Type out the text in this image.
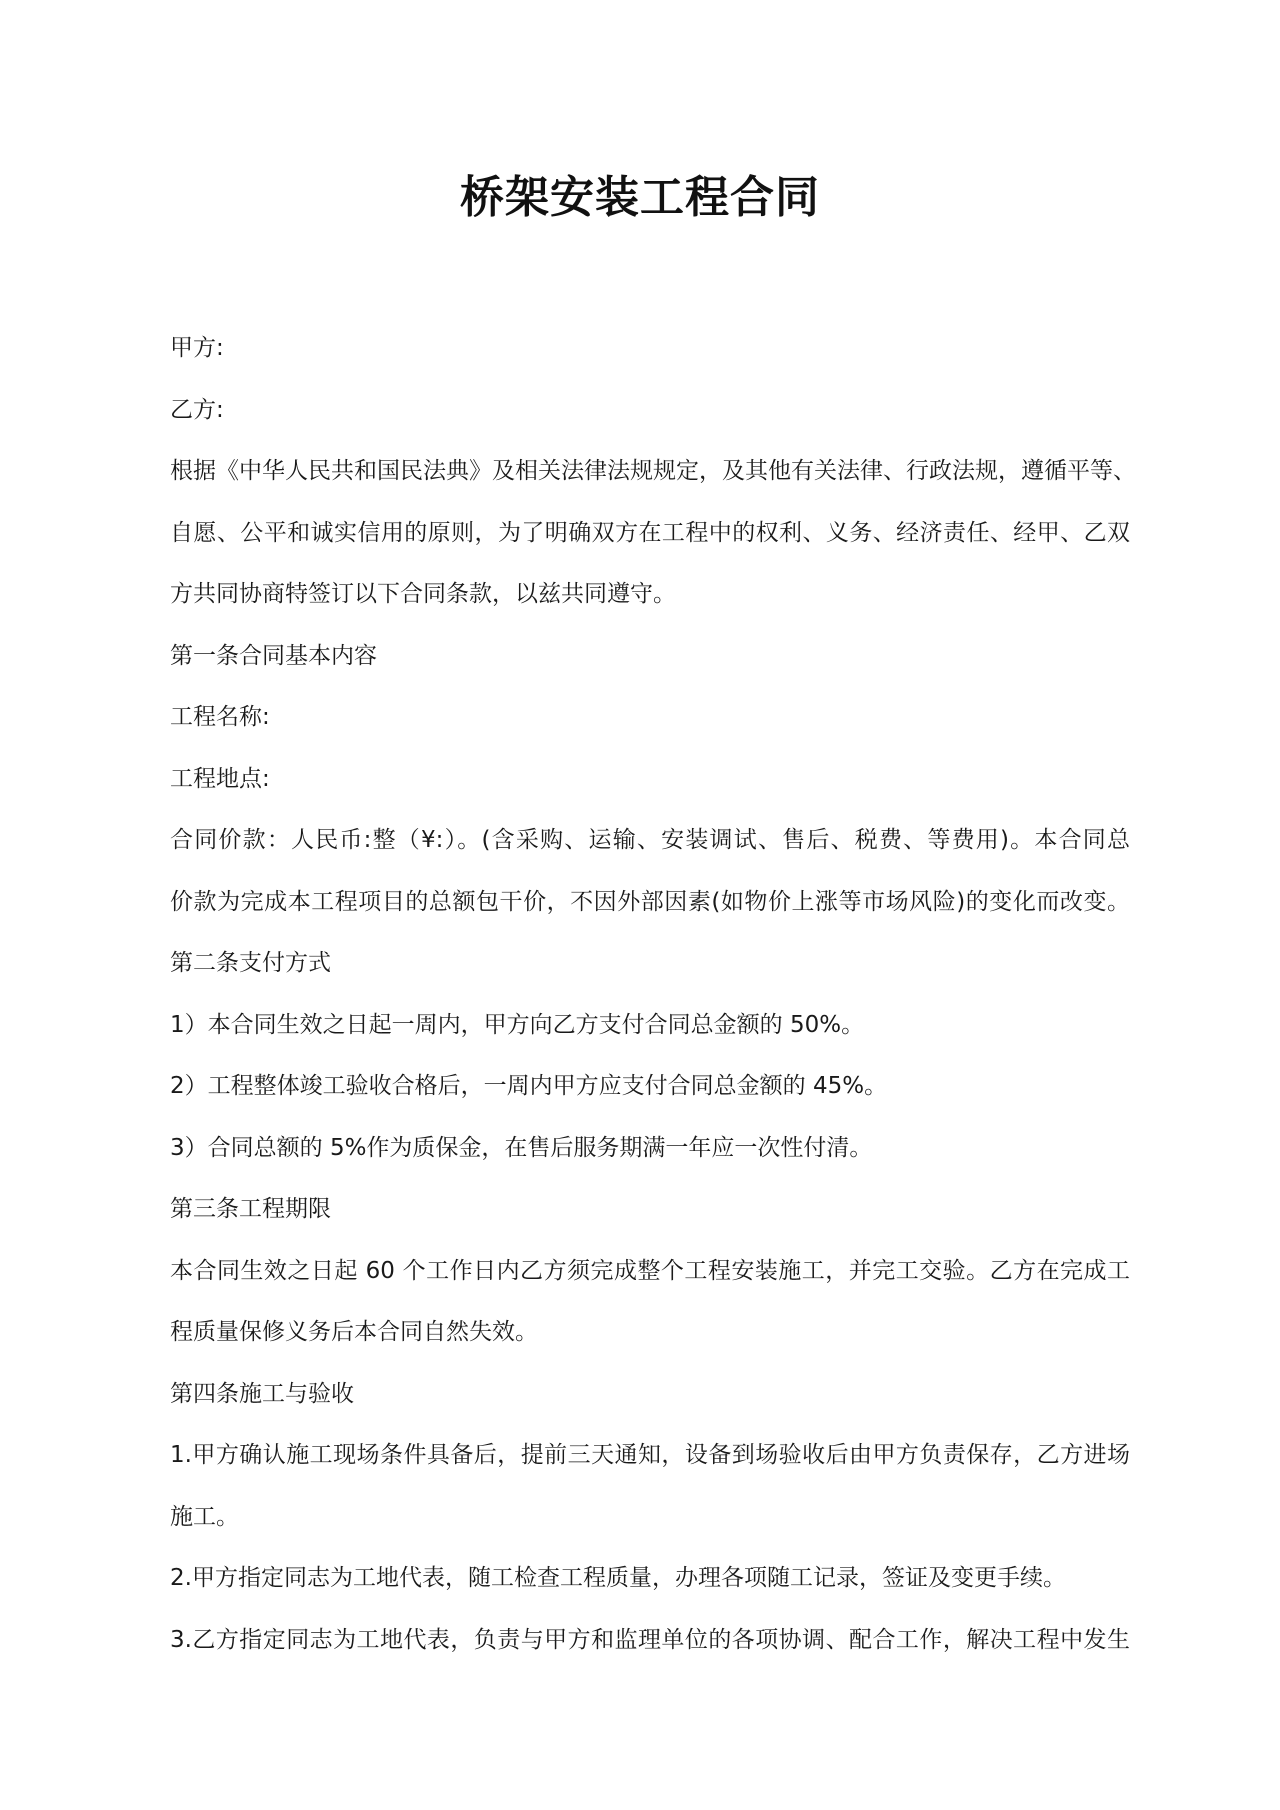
桥架安装工程合同
甲方:
乙方:
根据《中华人民共和国民法典》及相关法律法规规定，及其他有关法律、行政法规，遵循平等、
自愿、公平和诚实信用的原则，为了明确双方在工程中的权利、义务、经济责任、经甲、乙双
方共同协商特签订以下合同条款，以兹共同遵守。
第一条合同基本内容
工程名称:
工程地点:
合同价款：人民币:整（¥:）。(含采购、运输、安装调试、售后、税费、等费用)。本合同总
价款为完成本工程项目的总额包干价，不因外部因素(如物价上涨等市场风险)的变化而改变。
第二条支付方式
1）本合同生效之日起一周内，甲方向乙方支付合同总金额的 50%。
2）工程整体竣工验收合格后，一周内甲方应支付合同总金额的 45%。
3）合同总额的 5%作为质保金，在售后服务期满一年应一次性付清。
第三条工程期限
本合同生效之日起 60 个工作日内乙方须完成整个工程安装施工，并完工交验。乙方在完成工
程质量保修义务后本合同自然失效。
第四条施工与验收
1.甲方确认施工现场条件具备后，提前三天通知，设备到场验收后由甲方负责保存，乙方进场
施工。
2.甲方指定同志为工地代表，随工检查工程质量，办理各项随工记录，签证及变更手续。
3.乙方指定同志为工地代表，负责与甲方和监理单位的各项协调、配合工作，解决工程中发生
